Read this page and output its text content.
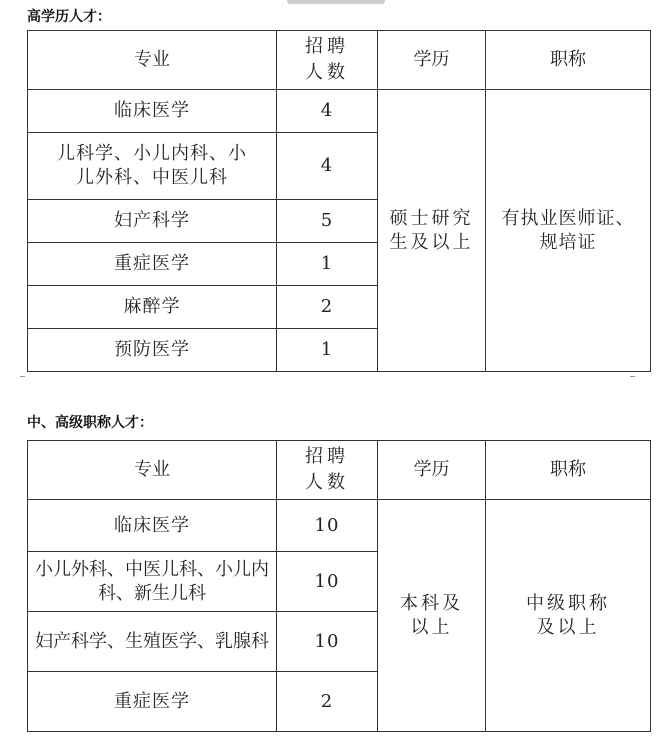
高学历人才：
专业	招聘人数	学历	职称
临床医学	4	硕士研究生及以上	有执业医师证、规培证

儿科学、小儿内科、小儿外科、中医儿科	4		
妇产科学	5		
重症医学	1		
麻醉学	2		
预防医学	1		
中、高级职称人才：
专业	招聘人数	学历	职称
临床医学	10	本科及以上	中级职称及以上

小儿外科、中医儿科、小儿内科、新生儿科	10		

妇产科学、生殖医学、乳腺科	10		
重症医学	2		
